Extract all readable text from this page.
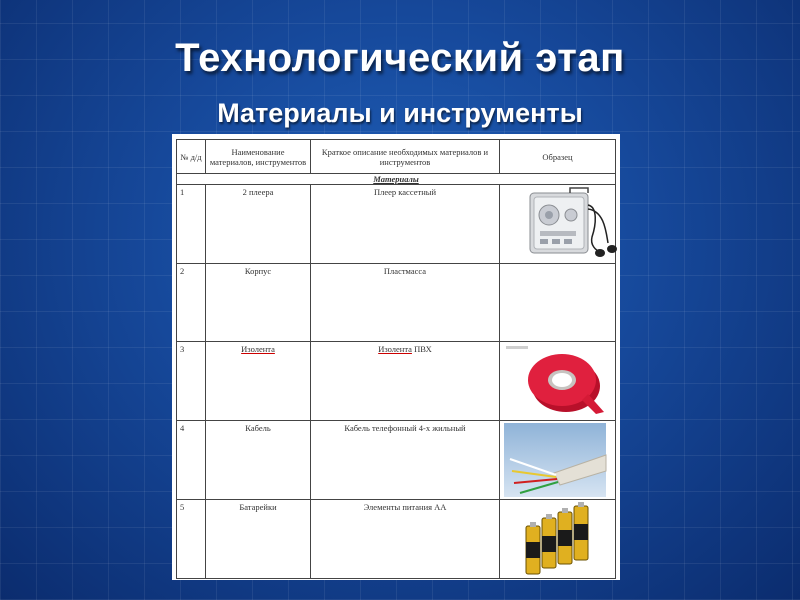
Технологический этап
Материалы и инструменты
№ д/д	Наименование материалов, инструментов	Краткое описание необходимых материалов и инструментов	Образец
Материалы			
1	2 плеера	Плеер кассетный	

2	Корпус	Пластмасса	
3	Изолента	Изолента ПВХ	

4	Кабель	Кабель телефонный 4-х жильный	

5	Батарейки	Элементы питания АА	
